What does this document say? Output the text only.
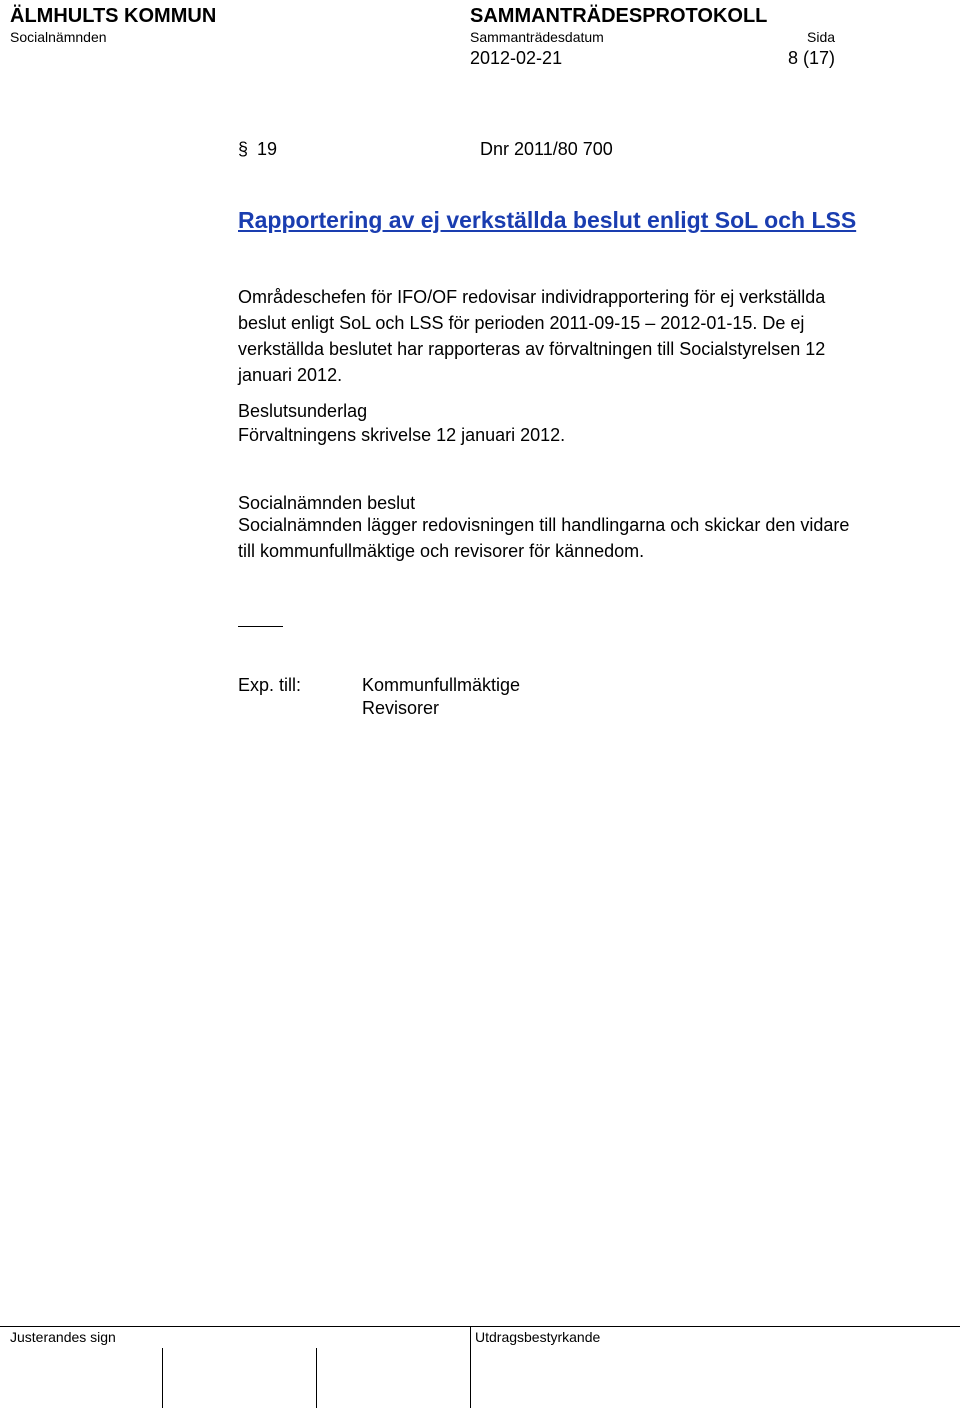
ÄLMHULTS KOMMUN	SAMMANTRÄDESPROTOKOLL
Socialnämnden	Sammanträdesdatum	Sida
2012-02-21	8 (17)
§ 19	Dnr 2011/80 700
Rapportering av ej verkställda beslut enligt SoL och LSS
Områdeschefen för IFO/OF redovisar individrapportering för ej verkställda beslut enligt SoL och LSS för perioden 2011-09-15 – 2012-01-15. De ej verkställda beslutet har rapporteras av förvaltningen till Socialstyrelsen 12 januari 2012.
Beslutsunderlag
Förvaltningens skrivelse 12 januari 2012.
Socialnämnden beslut
Socialnämnden lägger redovisningen till handlingarna och skickar den vidare till kommunfullmäktige och revisorer för kännedom.
Exp. till:	Kommunfullmäktige
Revisorer
Justerandes sign	Utdragsbestyrkande
